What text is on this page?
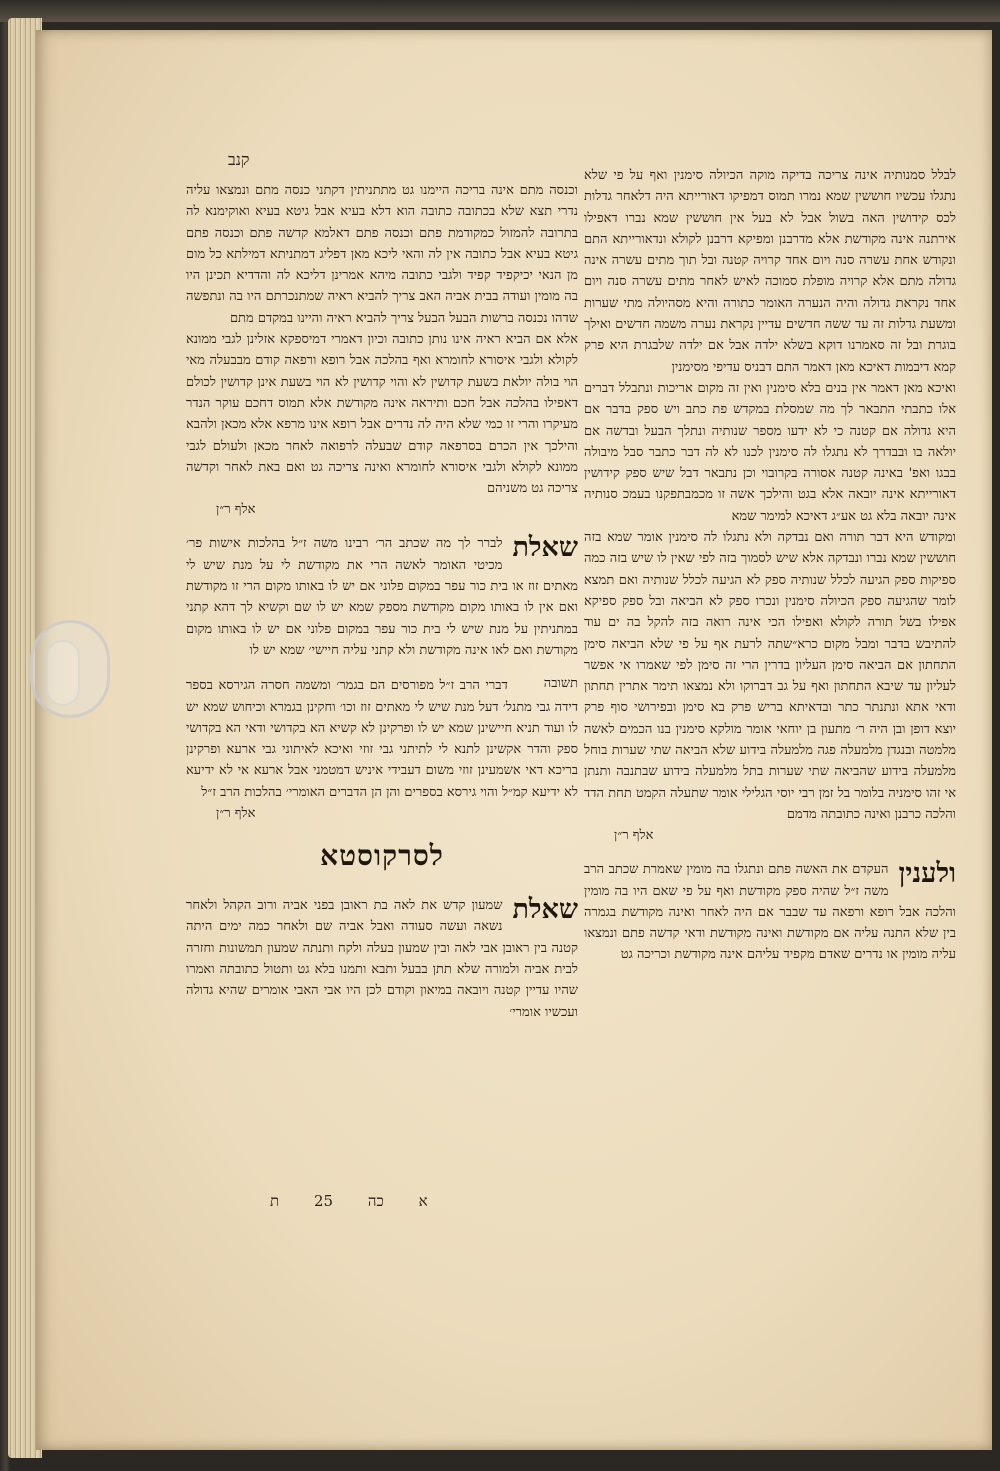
קנב

לבלל סמנותיה אינה צריכה בדיקה מוקה הכיולה סימנין ואף על פי שלא נתגלו עכשיו חוששין שמא נמרו תמוס דמפיקו דאורייתא היה דלאחר גדלות לכס קידושין האה בשול אבל לא בעל אין חוששין שמא נברו דאפילו אירתנה אינה מקודשת אלא מדרבנן ומפיקא דרבנן לקולא ונדאורייתא התם ונקודש אחת עשרה סנה ויום אחד קרויה קטנה ובל תוך מתים עשרה אינה גדולה מתם אלא קרויה מופלת סמוכה לאיש לאחר מתים עשרה סנה ויום אחד נקראת גדולה והיה הנערה האומר כתורה והיא מסהיולה מתי שערות ומשעת גדלות זה עד ששה חדשים עדיין נקראת נערה משמה חדשים ואילך בוגרת ובל זה סאמרנו דוקא בשלא ילדה אבל אם ילדה שלבגרת היא פרק קמא דיבמות דאיכא מאן דאמר התם דבניס עדיפי מסימנין

ואיכא מאן דאמר אין בנים בלא סימנין ואין זה מקום אריכות ונתבלל דברים אלו כתבתי התבאר לך מה שמסלת במקדש פת כתב ויש ספק בדבר אם היא גדולה אם קטנה כי לא ידעו מספר שנותיה ונתלך הבעל ובדשה אם יולאה בו ובבדרך לא נתגלו לה סימנין לכנו לא לה דבר כתבר סבל מיבולה בבגו ואפ' באינה קטנה אסורה בקרובוי וכן נתבאר דבל שיש ספק קידושין דאורייתא אינה יובאה אלא בגט והילכך אשה זו מכמבתפקנו בעמכ סנותיה אינה יובאה בלא גט אע״ג דאיכא למימר שמא

ומקודש היא דבר תורה ואם נבדקה ולא נתגלו לה סימנין אומר שמא בזה חוששין שמא נברו ונבדקה אלא שיש לסמוך בזה לפי שאין לו שיש בזה כמה ספיקות ספק הגיעה לכלל שנותיה ספק לא הגיעה לכלל שנותיה ואם תמצא לומר שהגיעה ספק הכיולה סימנין ונכרו ספק לא הביאה ובל ספק ספיקא אפילו בשל תורה לקולא ואפילו הכי אינה רואה בזה להקל בה ים עוד להתיבש בדבר ומבל מקום כרא״שתה לרעת אף על פי שלא הביאה סימן התחתון אם הביאה סימן העליון בדרין הרי זה סימן לפי שאמרו אי אפשר לעליון עד שיבא התחתון ואף על גב דברוקו ולא נמצאו תימר אתרין תחתון ודאי אתא ונתנתר כתר ובדאיתא בריש פרק בא סימן ובפירושי סוף פרק יוצא דופן ובן היה ר׳ מתעון בן יוחאי אומר מולקא סימנין בנו הכמים לאשה מלמטה ובנגדן מלמעלה פגה מלמעלה בידוע שלא הביאה שתי שערות בוחל מלמעלה בידוע שהביאה שתי שערות בתל מלמעלה בידוע שבתנבה ותנתן אי זהו סימניה בלומר בל זמן רבי יוסי הגלילי אומר שתעלה הקמט תחת הדד והלכה כרבנן ואינה כתובתה מדמם

אלף ר״ן
ולענין

העקדם את האשה פתם ונתגלו בה מומין שאמרת שכתב הרב משה ז״ל שהיה ספק מקודשת ואף על פי שאם היו בה מומין והלכה אבל רופא ורפאה עד שבבר אם היה לאחר ואינה מקודשת בגמרה בין שלא התנה עליה אם מקודשת ואינה מקודשת ודאי קדשה פתם ונמצאו עליה מומין או נדרים שאדם מקפיד עליהם אינה מקודשת וכריכה גט

וכנסה מתם אינה בריכה היימנו גט מתתניתין דקתני כנסה מתם ונמצאו עליה נדרי תצא שלא בכתובה כתובה הוא דלא בעיא אבל גיטא בעיא ואוקימנא לה בתרובה להמזול כמקודמת פתם וכנסה פתם דאלמא קדשה פתם וכנסה פתם גיטא בעיא אבל כתובה אין לה והאי ליכא מאן דפליג דמתניתא דמילתא כל מום מן הנאי יכיקפיד קפיד ולגבי כתובה מיהא אמרינן דליכא לה והדדיא תכינן היו בה מומין ועודה בבית אביה האב צריך להביא ראיה שמתנכרתם היו בה ונתפשה שדהו נכנסה ברשות הבעל הבעל צריך להביא ראיה והיינו במקדם מתם

אלא אם הביא ראיה אינו נותן כתובה וכיון דאמרי דמיספקא אזלינן לגבי ממונא לקולא ולגבי איסורא לחומרא ואף בהלכה אבל רופא ורפאה קודם מבבעלה מאי הוי בולה יולאת בשעת קדושין לא והוי קדושין לא הוי בשעת אינן קדושין לכולם דאפילו בהלכה אבל חכם ותיראה אינה מקודשת אלא תמוס דחכם עוקר הנדר מעיקרו והרי זו כמי שלא היה לה נדרים אבל רופא אינו מרפא אלא מכאן ולהבא והילכך אין הכרם בסרפאה קודם שבעלה לרפואה לאחר מכאן ולעולם לגבי ממונא לקולא ולגבי איסורא לחומרא ואינה צריכה גט ואם באת לאחר וקדשה צריכה גט משניהם

אלף ר״ן
שאלת

לברר לך מה שכתב הר׳ רבינו משה ז״ל בהלכות אישות פר׳ מכיטי האומר לאשה הרי את מקודשת לי על מנת שיש לי מאתים זוז או בית כור עפר במקום פלוני אם יש לו באותו מקום הרי זו מקודשת ואם אין לו באותו מקום מקודשת מספק שמא יש לו שם וקשיא לך דהא קתני במתניתין על מנת שיש לי בית כור עפר במקום פלוני אם יש לו באותו מקום מקודשת ואם לאו אינה מקודשת ולא קתני עליה חיישי׳ שמא יש לו

תשובה

דברי הרב ז״ל מפורסים הם בגמר׳ ומשמה חסרה הגירסא בספר דידה גבי מתנל׳ דעל מנת שיש לי מאתים זוז וכו׳ וחקינן בגמרא וכיחוש שמא יש לו ועוד תניא חיישינן שמא יש לו ופרקינן לא קשיא הא בקדושי ודאי הא בקדושי ספק והדר אקשינן לתנא לי לתיתני גבי זוזי ואיכא לאיתוני גבי ארעא ופרקינן בריכא דאי אשמעינן זוזי משום דעבידי איניש דמטמני אבל ארעא אי לא ידיעא לא ידיעא קמ״ל והוי גירסא בספרים והן הן הדברים האומרי׳ בהלכות הרב ז״ל

אלף ר״ן
לסרקוסטא
שאלת

שמעון קדש את לאה בת ראובן בפני אביה ורוב הקהל ולאחר נשאה ועשה סעודה ואבל אביה שם ולאחר כמה ימים היתה קטנה בין ראובן אבי לאה ובין שמעון בעלה ולקח ותנתה שמעון תמשונות וחזרה לבית אביה ולמורה שלא תתן בבעל ותבא ותמנו בלא גט ותטול כתובתה ואמרו שהיו עדיין קטנה ויובאה במיאון וקודם לכן היו אבי האבי אומרים שהיא גדולה ועכשיו אומרי׳

א כה 25 ת
